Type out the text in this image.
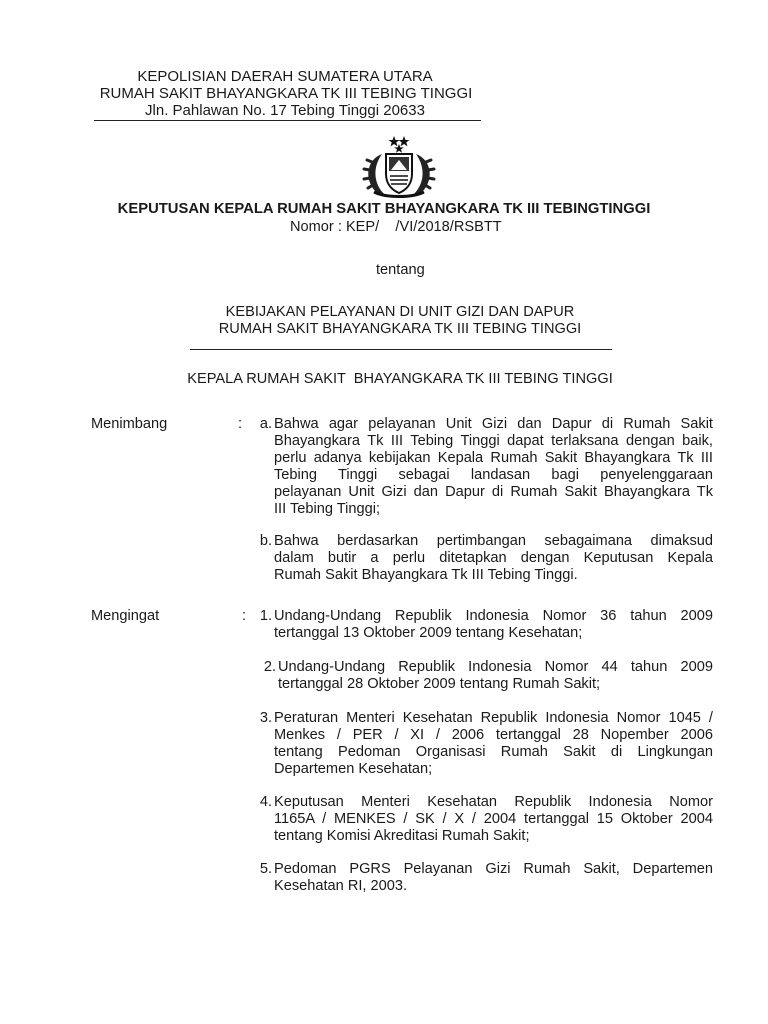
KEPOLISIAN DAERAH SUMATERA UTARA
RUMAH SAKIT BHAYANGKARA TK III TEBING TINGGI
Jln. Pahlawan No. 17 Tebing Tinggi 20633
KEPUTUSAN KEPALA RUMAH SAKIT BHAYANGKARA TK III TEBINGTINGGI
Nomor : KEP/    /VI/2018/RSBTT
tentang
KEBIJAKAN PELAYANAN DI UNIT GIZI DAN DAPUR
RUMAH SAKIT BHAYANGKARA TK III TEBING TINGGI
KEPALA RUMAH SAKIT  BHAYANGKARA TK III TEBING TINGGI
Menimbang	:	a. Bahwa agar pelayanan Unit Gizi dan Dapur di Rumah Sakit
Bhayangkara Tk III Tebing Tinggi dapat terlaksana dengan baik,
perlu adanya kebijakan Kepala Rumah Sakit Bhayangkara Tk III
Tebing Tinggi sebagai landasan bagi penyelenggaraan
pelayanan Unit Gizi dan Dapur di Rumah Sakit Bhayangkara Tk
III Tebing Tinggi;
b. Bahwa berdasarkan pertimbangan sebagaimana dimaksud
dalam butir a perlu ditetapkan dengan Keputusan Kepala
Rumah Sakit Bhayangkara Tk III Tebing Tinggi.
Mengingat	: 1. Undang-Undang Republik Indonesia Nomor 36 tahun 2009
tertanggal 13 Oktober 2009 tentang Kesehatan;
2. Undang-Undang Republik Indonesia Nomor 44 tahun 2009
tertanggal 28 Oktober 2009 tentang Rumah Sakit;
3. Peraturan Menteri Kesehatan Republik Indonesia Nomor 1045 /
Menkes / PER / XI / 2006 tertanggal 28 Nopember 2006
tentang Pedoman Organisasi Rumah Sakit di Lingkungan
Departemen Kesehatan;
4. Keputusan Menteri Kesehatan Republik Indonesia Nomor
1165A / MENKES / SK / X / 2004 tertanggal 15 Oktober 2004
tentang Komisi Akreditasi Rumah Sakit;
5. Pedoman PGRS Pelayanan Gizi Rumah Sakit, Departemen
Kesehatan RI, 2003.
